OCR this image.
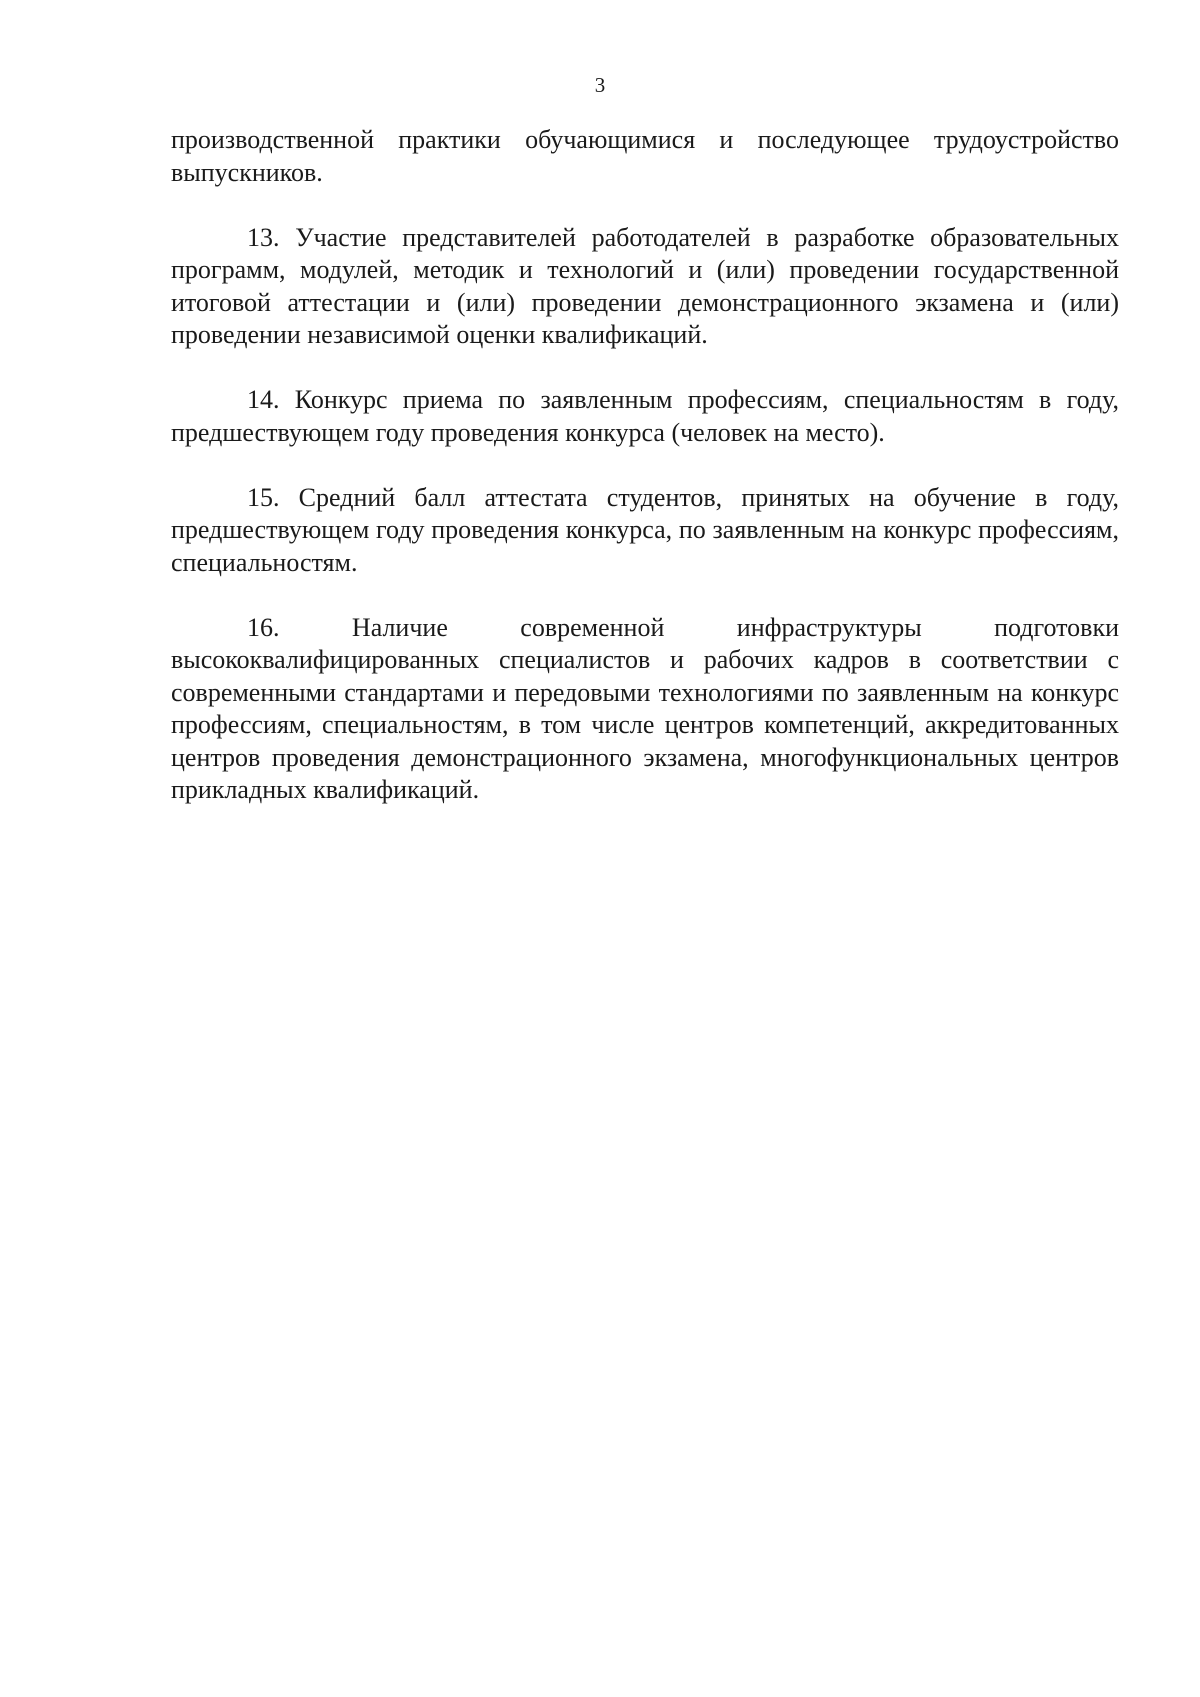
3

производственной практики обучающимися и последующее трудоустройство выпускников.

13. Участие представителей работодателей в разработке образовательных программ, модулей, методик и технологий и (или) проведении государственной итоговой аттестации и (или) проведении демонстрационного экзамена и (или) проведении независимой оценки квалификаций.

14. Конкурс приема по заявленным профессиям, специальностям в году, предшествующем году проведения конкурса (человек на место).

15. Средний балл аттестата студентов, принятых на обучение в году, предшествующем году проведения конкурса, по заявленным на конкурс профессиям, специальностям.

16. Наличие современной инфраструктуры подготовки высококвалифицированных специалистов и рабочих кадров в соответствии с современными стандартами и передовыми технологиями по заявленным на конкурс профессиям, специальностям, в том числе центров компетенций, аккредитованных центров проведения демонстрационного экзамена, многофункциональных центров прикладных квалификаций.
